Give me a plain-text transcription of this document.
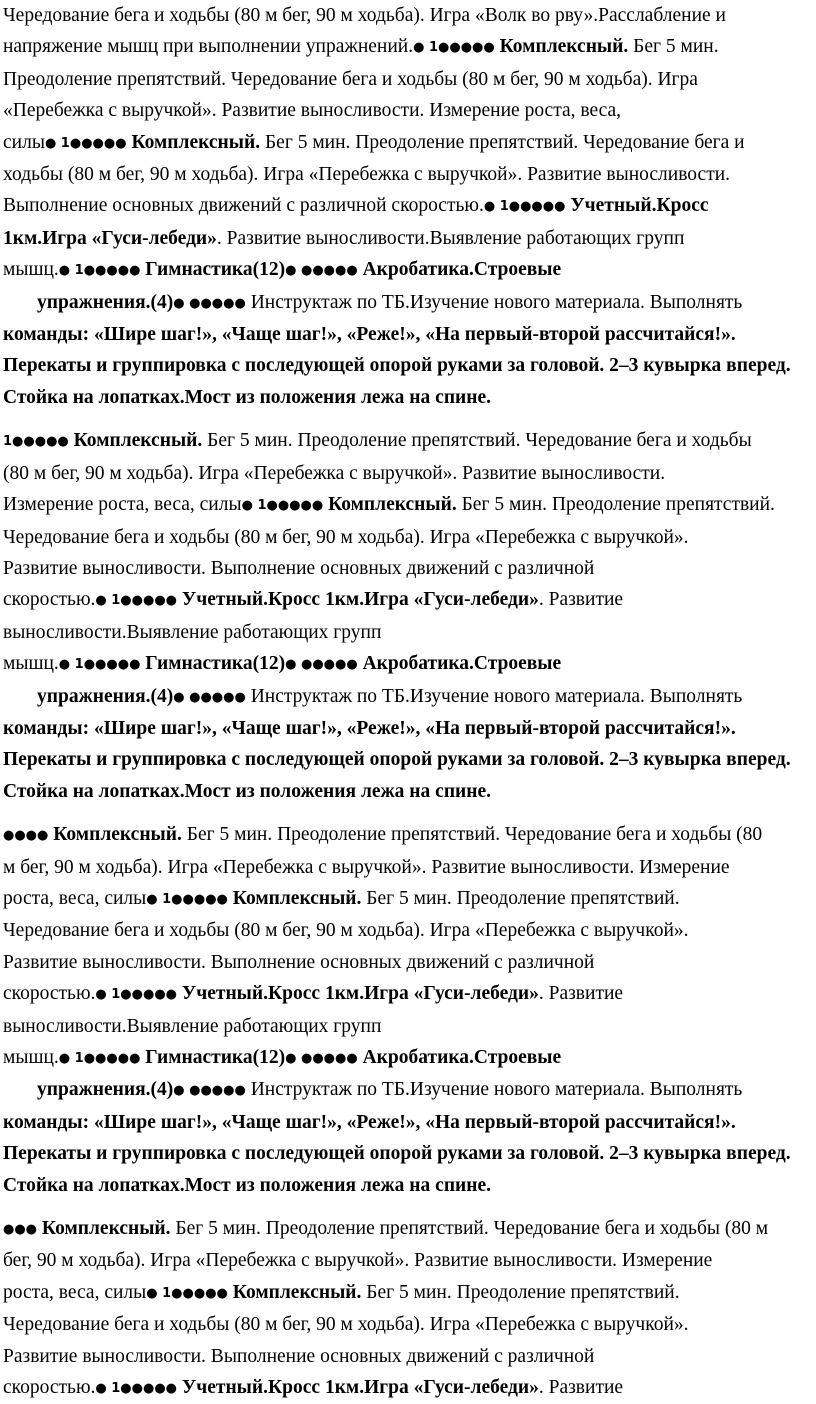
Чередование бега и ходьбы (80 м бег, 90 м ходьба). Игра «Волк во рву».Расслабление и
напряжение мышц при выполнении упражнений.● 1●●●●● Комплексный. Бег 5 мин.
Преодоление препятствий. Чередование бега и ходьбы (80 м бег, 90 м ходьба). Игра
«Перебежка с выручкой». Развитие выносливости. Измерение роста, веса,
силы● 1●●●●● Комплексный. Бег 5 мин. Преодоление препятствий. Чередование бега и
ходьбы (80 м бег, 90 м ходьба). Игра «Перебежка с выручкой». Развитие выносливости.
Выполнение основных движений с различной скоростью.● 1●●●●● Учетный.Кросс
1км.Игра «Гуси-лебеди». Развитие выносливости.Выявление работающих групп
мышц.● 1●●●●● Гимнастика(12)● ●●●●● Акробатика.Строевые
упражнения.(4)● ●●●●● Инструктаж по ТБ.Изучение нового материала. Выполнять
команды: «Шире шаг!», «Чаще шаг!», «Реже!», «На первый-второй рассчитайся!».
Перекаты и группировка с последующей опорой руками за головой. 2–3 кувырка вперед.
Стойка на лопатках.Мост из положения лежа на спине.
1●●●●● Комплексный. Бег 5 мин. Преодоление препятствий. Чередование бега и ходьбы
(80 м бег, 90 м ходьба). Игра «Перебежка с выручкой». Развитие выносливости.
Измерение роста, веса, силы● 1●●●●● Комплексный. Бег 5 мин. Преодоление препятствий.
Чередование бега и ходьбы (80 м бег, 90 м ходьба). Игра «Перебежка с выручкой».
Развитие выносливости. Выполнение основных движений с различной
скоростью.● 1●●●●● Учетный.Кросс 1км.Игра «Гуси-лебеди». Развитие
выносливости.Выявление работающих групп
мышц.● 1●●●●● Гимнастика(12)● ●●●●● Акробатика.Строевые
упражнения.(4)● ●●●●● Инструктаж по ТБ.Изучение нового материала. Выполнять
команды: «Шире шаг!», «Чаще шаг!», «Реже!», «На первый-второй рассчитайся!».
Перекаты и группировка с последующей опорой руками за головой. 2–3 кувырка вперед.
Стойка на лопатках.Мост из положения лежа на спине.
●●●● Комплексный. Бег 5 мин. Преодоление препятствий. Чередование бега и ходьбы (80
м бег, 90 м ходьба). Игра «Перебежка с выручкой». Развитие выносливости. Измерение
роста, веса, силы● 1●●●●● Комплексный. Бег 5 мин. Преодоление препятствий.
Чередование бега и ходьбы (80 м бег, 90 м ходьба). Игра «Перебежка с выручкой».
Развитие выносливости. Выполнение основных движений с различной
скоростью.● 1●●●●● Учетный.Кросс 1км.Игра «Гуси-лебеди». Развитие
выносливости.Выявление работающих групп
мышц.● 1●●●●● Гимнастика(12)● ●●●●● Акробатика.Строевые
упражнения.(4)● ●●●●● Инструктаж по ТБ.Изучение нового материала. Выполнять
команды: «Шире шаг!», «Чаще шаг!», «Реже!», «На первый-второй рассчитайся!».
Перекаты и группировка с последующей опорой руками за головой. 2–3 кувырка вперед.
Стойка на лопатках.Мост из положения лежа на спине.
●●● Комплексный. Бег 5 мин. Преодоление препятствий. Чередование бега и ходьбы (80 м
бег, 90 м ходьба). Игра «Перебежка с выручкой». Развитие выносливости. Измерение
роста, веса, силы● 1●●●●● Комплексный. Бег 5 мин. Преодоление препятствий.
Чередование бега и ходьбы (80 м бег, 90 м ходьба). Игра «Перебежка с выручкой».
Развитие выносливости. Выполнение основных движений с различной
скоростью.● 1●●●●● Учетный.Кросс 1км.Игра «Гуси-лебеди». Развитие
